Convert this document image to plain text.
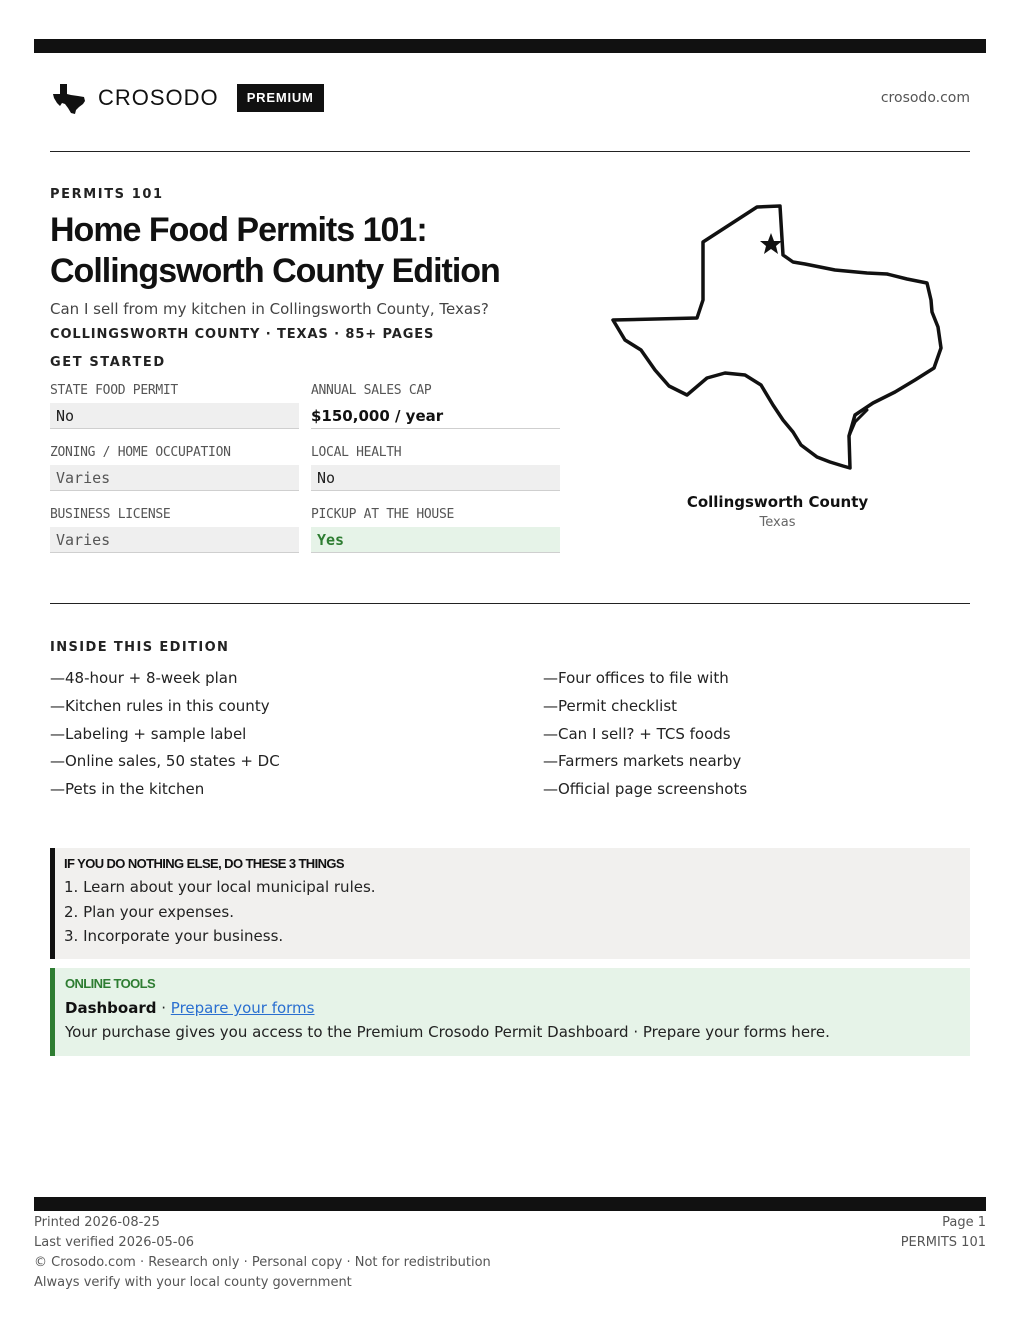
CROSODO	PREMIUM	crosodo.com
PERMITS 101
Home Food Permits 101: Collingsworth County Edition
Can I sell from my kitchen in Collingsworth County, Texas?
COLLINGSWORTH COUNTY · TEXAS · 85+ PAGES
GET STARTED
STATE FOOD PERMIT
No
ANNUAL SALES CAP
$150,000 / year
ZONING / HOME OCCUPATION
Varies
LOCAL HEALTH
No
BUSINESS LICENSE
Varies
PICKUP AT THE HOUSE
Yes
Collingsworth County
Texas
INSIDE THIS EDITION
—48-hour + 8-week plan
—Kitchen rules in this county
—Labeling + sample label
—Online sales, 50 states + DC
—Pets in the kitchen
—Four offices to file with
—Permit checklist
—Can I sell? + TCS foods
—Farmers markets nearby
—Official page screenshots
IF YOU DO NOTHING ELSE, DO THESE 3 THINGS
1. Learn about your local municipal rules.
2. Plan your expenses.
3. Incorporate your business.
ONLINE TOOLS
Dashboard · Prepare your forms
Your purchase gives you access to the Premium Crosodo Permit Dashboard · Prepare your forms here.
Printed 2026-08-25
Last verified 2026-05-06
© Crosodo.com · Research only · Personal copy · Not for redistribution
Always verify with your local county government
Page 1
PERMITS 101
